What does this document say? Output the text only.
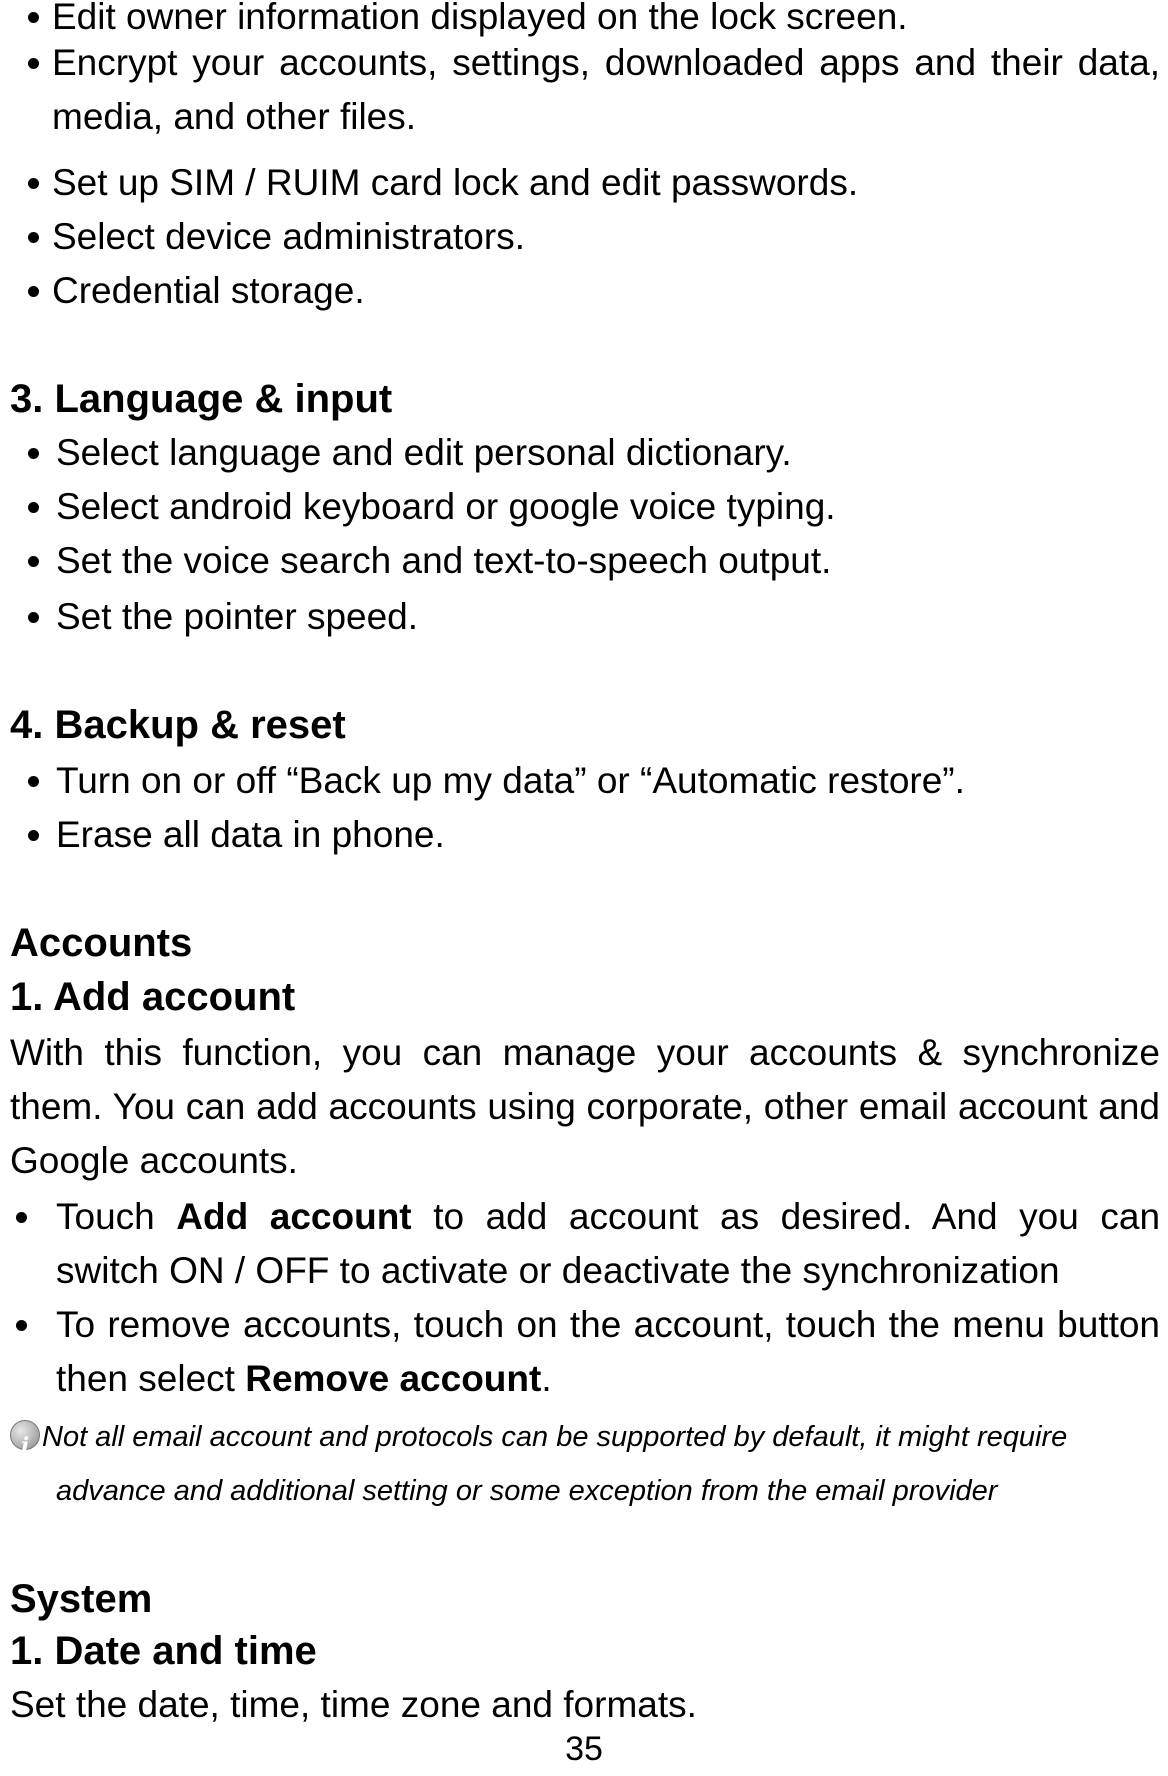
Edit owner information displayed on the lock screen.
Encrypt your accounts, settings, downloaded apps and their data, media, and other files.
Set up SIM / RUIM card lock and edit passwords.
Select device administrators.
Credential storage.
3. Language & input
Select language and edit personal dictionary.
Select android keyboard or google voice typing.
Set the voice search and text-to-speech output.
Set the pointer speed.
4. Backup & reset
Turn on or off “Back up my data” or “Automatic restore”.
Erase all data in phone.
Accounts
1. Add account
With this function, you can manage your accounts & synchronize them. You can add accounts using corporate, other email account and Google accounts.
Touch Add account to add account as desired. And you can switch ON / OFF to activate or deactivate the synchronization
To remove accounts, touch on the account, touch the menu button then select Remove account.
iNot all email account and protocols can be supported by default, it might require
advance and additional setting or some exception from the email provider
System
1. Date and time
Set the date, time, time zone and formats.
35
